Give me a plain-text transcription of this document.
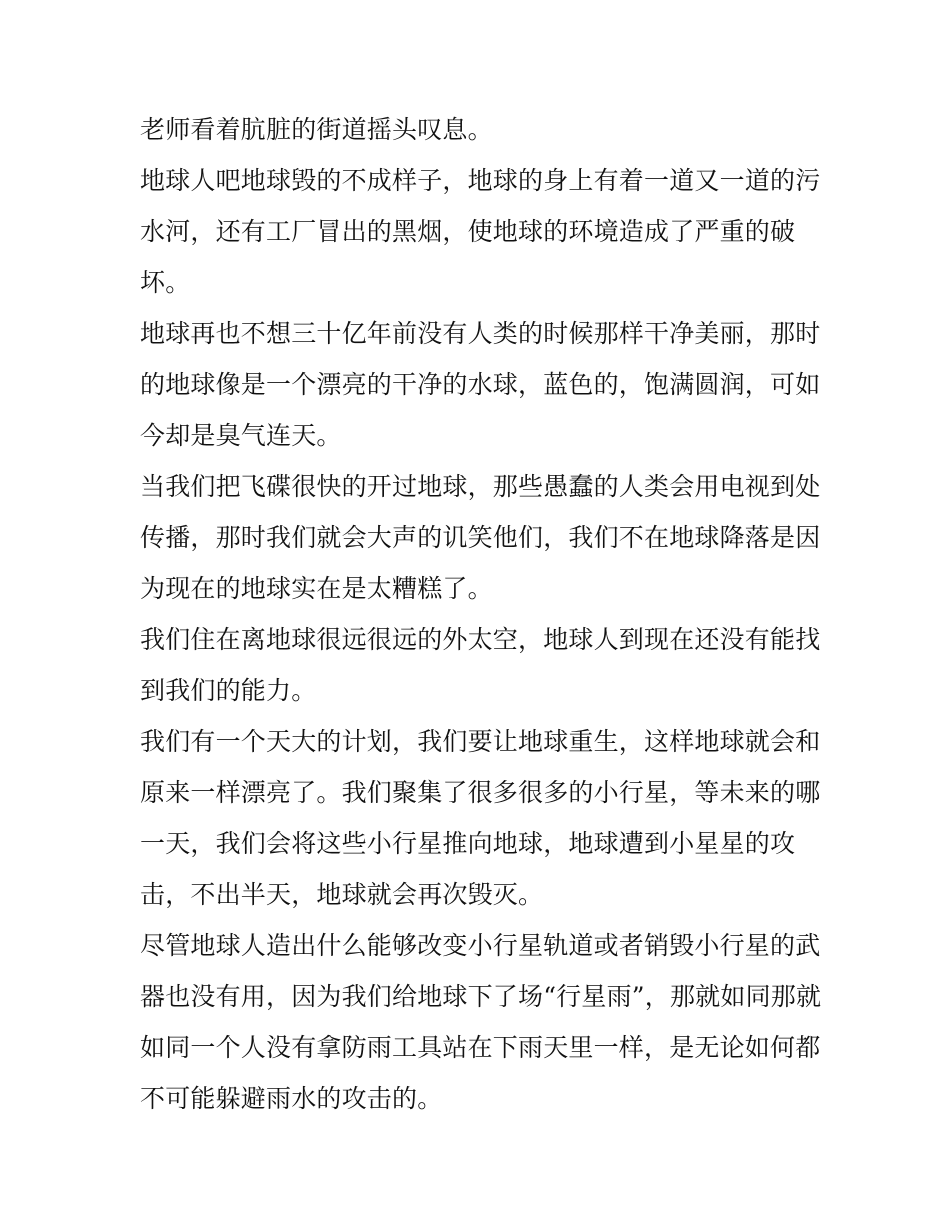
老师看着肮脏的街道摇头叹息。
地球人吧地球毁的不成样子，地球的身上有着一道又一道的污
水河，还有工厂冒出的黑烟，使地球的环境造成了严重的破
坏。
地球再也不想三十亿年前没有人类的时候那样干净美丽，那时
的地球像是一个漂亮的干净的水球，蓝色的，饱满圆润，可如
今却是臭气连天。
当我们把飞碟很快的开过地球，那些愚蠢的人类会用电视到处
传播，那时我们就会大声的讥笑他们，我们不在地球降落是因
为现在的地球实在是太糟糕了。
我们住在离地球很远很远的外太空，地球人到现在还没有能找
到我们的能力。
我们有一个天大的计划，我们要让地球重生，这样地球就会和
原来一样漂亮了。我们聚集了很多很多的小行星，等未来的哪
一天，我们会将这些小行星推向地球，地球遭到小星星的攻
击，不出半天，地球就会再次毁灭。
尽管地球人造出什么能够改变小行星轨道或者销毁小行星的武
器也没有用，因为我们给地球下了场“行星雨”，那就如同那就
如同一个人没有拿防雨工具站在下雨天里一样，是无论如何都
不可能躲避雨水的攻击的。
